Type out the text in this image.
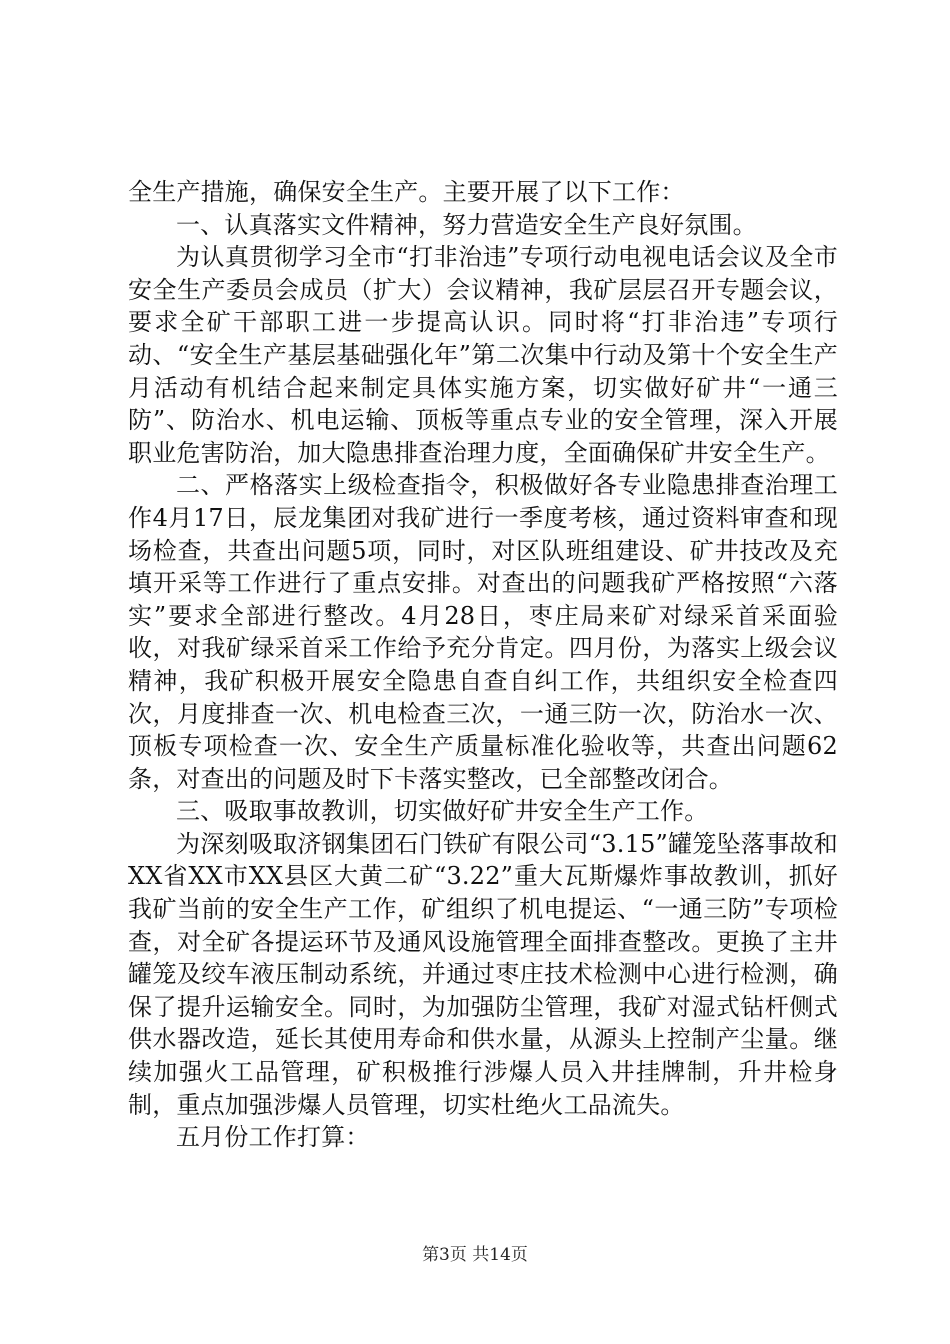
全生产措施，确保安全生产。主要开展了以下工作：

一、认真落实文件精神，努力营造安全生产良好氛围。

为认真贯彻学习全市“打非治违”专项行动电视电话会议及全市安全生产委员会成员（扩大）会议精神，我矿层层召开专题会议，要求全矿干部职工进一步提高认识。同时将“打非治违”专项行动、“安全生产基层基础强化年”第二次集中行动及第十个安全生产月活动有机结合起来制定具体实施方案，切实做好矿井“一通三防”、防治水、机电运输、顶板等重点专业的安全管理，深入开展职业危害防治，加大隐患排查治理力度，全面确保矿井安全生产。

二、严格落实上级检查指令，积极做好各专业隐患排查治理工作4月17日，辰龙集团对我矿进行一季度考核，通过资料审查和现场检查，共查出问题5项，同时，对区队班组建设、矿井技改及充填开采等工作进行了重点安排。对查出的问题我矿严格按照“六落实”要求全部进行整改。4月28日，枣庄局来矿对绿采首采面验收，对我矿绿采首采工作给予充分肯定。四月份，为落实上级会议精神，我矿积极开展安全隐患自查自纠工作，共组织安全检查四次，月度排查一次、机电检查三次，一通三防一次，防治水一次、顶板专项检查一次、安全生产质量标准化验收等，共查出问题62条，对查出的问题及时下卡落实整改，已全部整改闭合。

三、吸取事故教训，切实做好矿井安全生产工作。

为深刻吸取济钢集团石门铁矿有限公司“3.15”罐笼坠落事故和XX省XX市XX县区大黄二矿“3.22”重大瓦斯爆炸事故教训，抓好我矿当前的安全生产工作，矿组织了机电提运、“一通三防”专项检查，对全矿各提运环节及通风设施管理全面排查整改。更换了主井罐笼及绞车液压制动系统，并通过枣庄技术检测中心进行检测，确保了提升运输安全。同时，为加强防尘管理，我矿对湿式钻杆侧式供水器改造，延长其使用寿命和供水量，从源头上控制产尘量。继续加强火工品管理，矿积极推行涉爆人员入井挂牌制，升井检身制，重点加强涉爆人员管理，切实杜绝火工品流失。

五月份工作打算：

第3页 共14页
